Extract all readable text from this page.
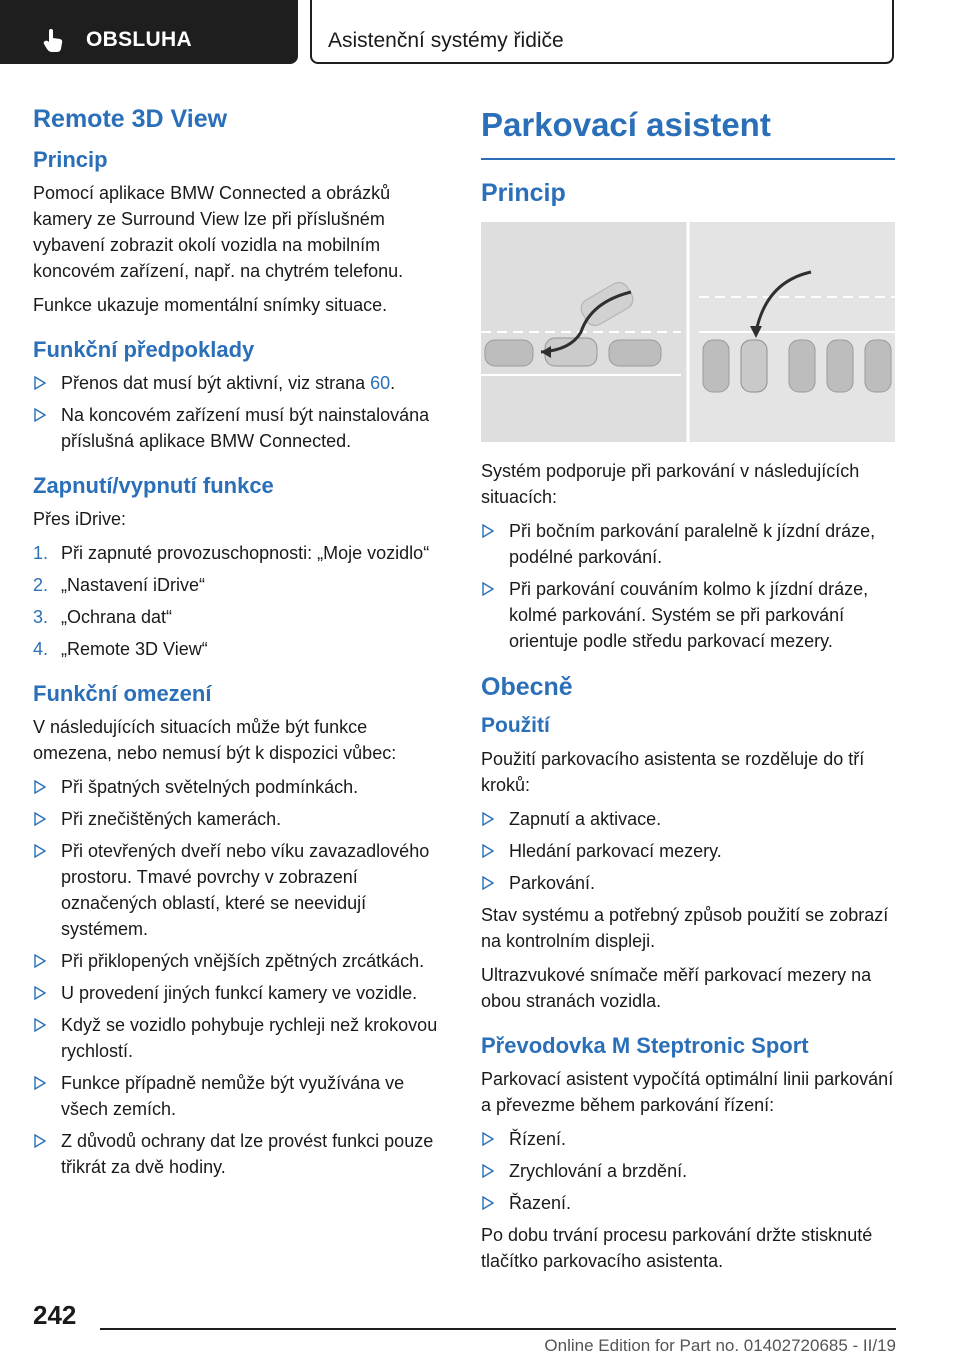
OBSLUHA	Asistenční systémy řidiče
Remote 3D View
Princip

Pomocí aplikace BMW Connected a obrázků kamery ze Surround View lze při příslušném vybavení zobrazit okolí vozidla na mobilním koncovém zařízení, např. na chytrém telefonu.

Funkce ukazuje momentální snímky situace.

Funkční předpoklady
Přenos dat musí být aktivní, viz strana 60.
Na koncovém zařízení musí být nainstalována příslušná aplikace BMW Connected.
Zapnutí/vypnutí funkce

Přes iDrive:

1. Při zapnuté provozuschopnosti: „Moje vozidlo“
2. „Nastavení iDrive“
3. „Ochrana dat“
4. „Remote 3D View“
Funkční omezení

V následujících situacích může být funkce omezena, nebo nemusí být k dispozici vůbec:

Při špatných světelných podmínkách.
Při znečištěných kamerách.
Při otevřených dveří nebo víku zavazadlového prostoru. Tmavé povrchy v zobrazení označených oblastí, které se neevidují systémem.
Při přiklopených vnějších zpětných zrcátkách.
U provedení jiných funkcí kamery ve vozidle.
Když se vozidlo pohybuje rychleji než krokovou rychlostí.
Funkce případně nemůže být využívána ve všech zemích.
Z důvodů ochrany dat lze provést funkci pouze třikrát za dvě hodiny.
Parkovací asistent
Princip

Systém podporuje při parkování v následujících situacích:

Při bočním parkování paralelně k jízdní dráze, podélné parkování.
Při parkování couváním kolmo k jízdní dráze, kolmé parkování. Systém se při parkování orientuje podle středu parkovací mezery.
Obecně
Použití

Použití parkovacího asistenta se rozděluje do tří kroků:

Zapnutí a aktivace.
Hledání parkovací mezery.
Parkování.

Stav systému a potřebný způsob použití se zobrazí na kontrolním displeji.

Ultrazvukové snímače měří parkovací mezery na obou stranách vozidla.

Převodovka M Steptronic Sport

Parkovací asistent vypočítá optimální linii parkování a převezme během parkování řízení:

Řízení.
Zrychlování a brzdění.
Řazení.

Po dobu trvání procesu parkování držte stisknuté tlačítko parkovacího asistenta.

242
Online Edition for Part no. 01402720685 - II/19
